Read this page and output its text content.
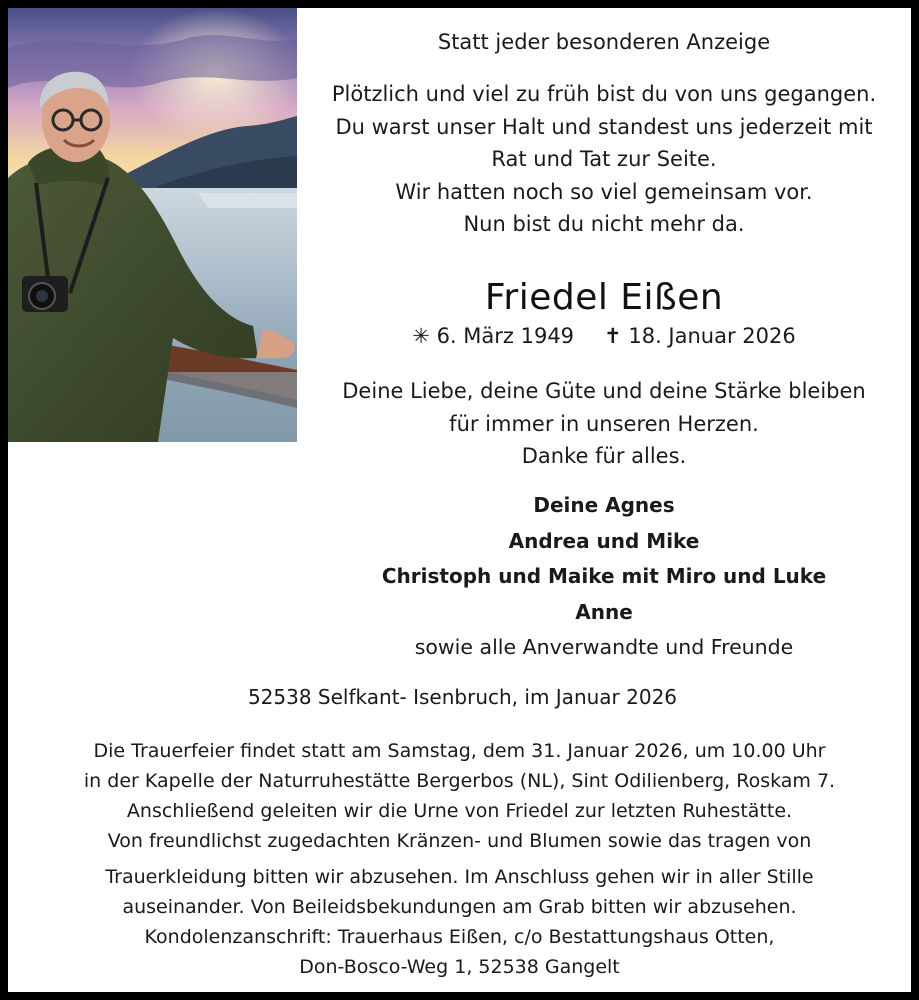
Statt jeder besonderen Anzeige
Plötzlich und viel zu früh bist du von uns gegangen.
Du warst unser Halt und standest uns jederzeit mit
Rat und Tat zur Seite.
Wir hatten noch so viel gemeinsam vor.
Nun bist du nicht mehr da.
Friedel Eißen
✳ 6. März 1949 ✝ 18. Januar 2026
Deine Liebe, deine Güte und deine Stärke bleiben
für immer in unseren Herzen.
Danke für alles.
Deine Agnes
Andrea und Mike
Christoph und Maike mit Miro und Luke
Anne
sowie alle Anverwandte und Freunde
52538 Selfkant- Isenbruch, im Januar 2026
Die Trauerfeier findet statt am Samstag, dem 31. Januar 2026, um 10.00 Uhr
in der Kapelle der Naturruhestätte Bergerbos (NL), Sint Odilienberg, Roskam 7.
Anschließend geleiten wir die Urne von Friedel zur letzten Ruhestätte.
Von freundlichst zugedachten Kränzen- und Blumen sowie das tragen von
Trauerkleidung bitten wir abzusehen. Im Anschluss gehen wir in aller Stille
auseinander. Von Beileidsbekundungen am Grab bitten wir abzusehen.
Kondolenzanschrift: Trauerhaus Eißen, c/o Bestattungshaus Otten,
Don-Bosco-Weg 1, 52538 Gangelt
